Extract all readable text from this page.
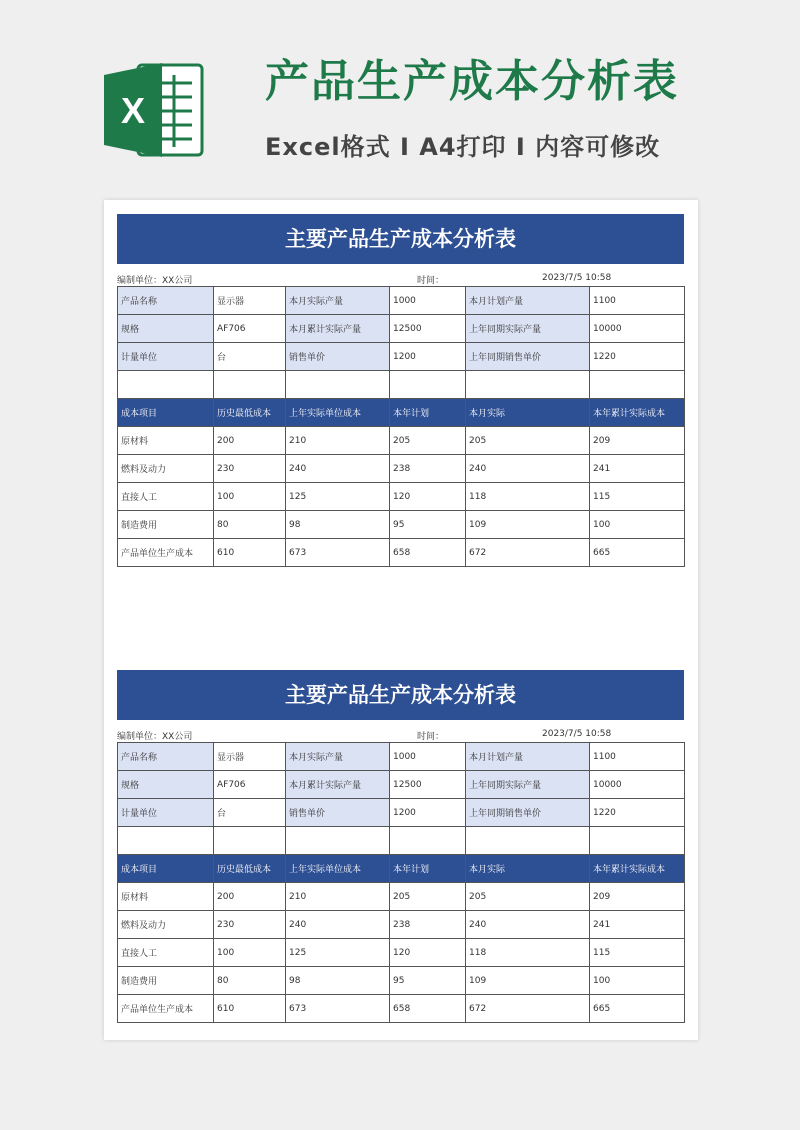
X
产品生产成本分析表
Excel格式 I A4打印 I 内容可修改
主要产品生产成本分析表
编制单位：XX公司	时间：	2023/7/5 10:58
产品名称	显示器	本月实际产量	1000	本月计划产量	1100
规格	AF706	本月累计实际产量	12500	上年同期实际产量	10000
计量单位	台	销售单价	1200	上年同期销售单价	1220

成本项目	历史最低成本	上年实际单位成本	本年计划	本月实际	本年累计实际成本
原材料	200	210	205	205	209
燃料及动力	230	240	238	240	241
直接人工	100	125	120	118	115
制造费用	80	98	95	109	100
产品单位生产成本	610	673	658	672	665
主要产品生产成本分析表
编制单位：XX公司	时间：	2023/7/5 10:58
产品名称	显示器	本月实际产量	1000	本月计划产量	1100
规格	AF706	本月累计实际产量	12500	上年同期实际产量	10000
计量单位	台	销售单价	1200	上年同期销售单价	1220

成本项目	历史最低成本	上年实际单位成本	本年计划	本月实际	本年累计实际成本
原材料	200	210	205	205	209
燃料及动力	230	240	238	240	241
直接人工	100	125	120	118	115
制造费用	80	98	95	109	100
产品单位生产成本	610	673	658	672	665
